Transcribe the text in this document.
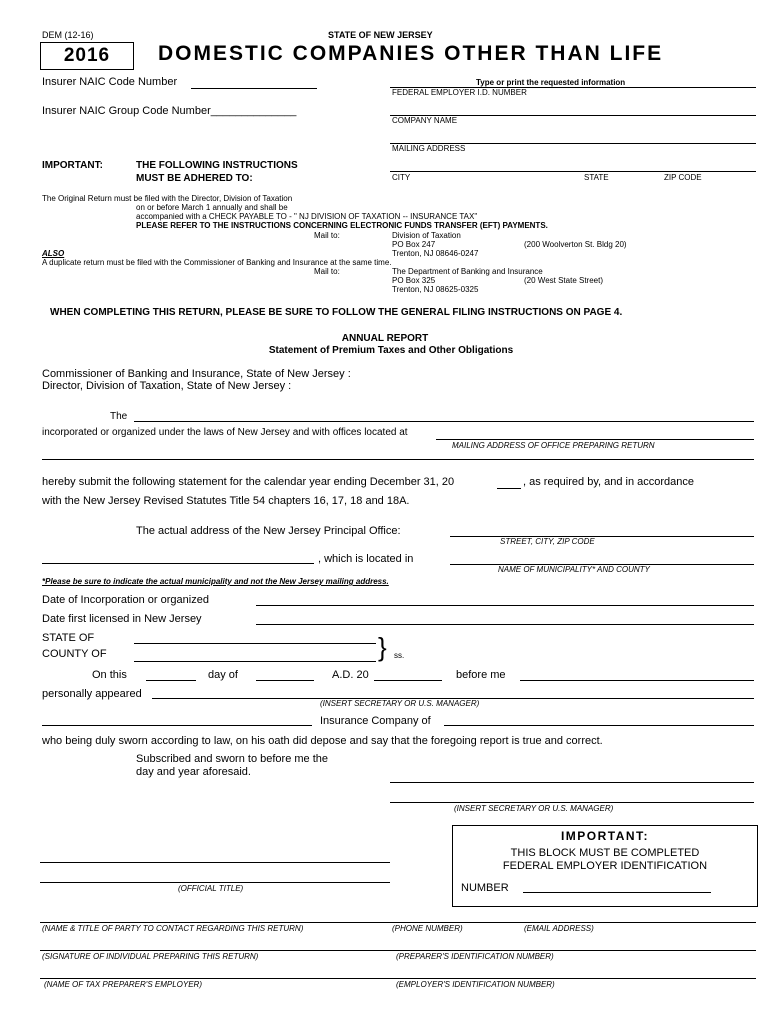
DEM (12-16)	STATE OF NEW JERSEY
2016	DOMESTIC COMPANIES OTHER THAN LIFE
Insurer NAIC Code Number
Insurer NAIC Group Code Number______________
Type or print the requested information
FEDERAL EMPLOYER I.D. NUMBER
COMPANY NAME
MAILING ADDRESS
CITY	STATE	ZIP CODE
IMPORTANT:	THE FOLLOWING INSTRUCTIONS
MUST BE ADHERED TO:
The Original Return must be filed with the Director, Division of Taxation
on or before March 1 annually and shall be
accompanied with a CHECK PAYABLE TO - " NJ DIVISION OF TAXATION -- INSURANCE TAX"
PLEASE REFER TO THE INSTRUCTIONS CONCERNING ELECTRONIC FUNDS TRANSFER (EFT) PAYMENTS.
Mail to:	Division of Taxation
PO Box 247	(200 Woolverton St. Bldg 20)
Trenton, NJ 08646-0247
ALSO
A duplicate return must be filed with the Commissioner of Banking and Insurance at the same time.
Mail to:	The Department of Banking and Insurance
PO Box 325	(20 West State Street)
Trenton, NJ 08625-0325
WHEN COMPLETING THIS RETURN, PLEASE BE SURE TO FOLLOW THE GENERAL FILING INSTRUCTIONS ON PAGE 4.
ANNUAL REPORT
Statement of Premium Taxes and Other Obligations
Commissioner of Banking and Insurance, State of New Jersey :
Director, Division of Taxation, State of New Jersey :
The
incorporated or organized under the laws of New Jersey and with offices located at
MAILING ADDRESS OF OFFICE PREPARING RETURN
hereby submit the following statement for the calendar year ending December 31, 20	, as required by, and in accordance
with the New Jersey Revised Statutes Title 54 chapters 16, 17, 18 and 18A.
The actual address of the New Jersey Principal Office:
STREET, CITY, ZIP CODE
, which is located in
NAME OF MUNICIPALITY* AND COUNTY
*Please be sure to indicate the actual municipality and not the New Jersey mailing address.
Date of Incorporation or organized
Date first licensed in New Jersey
STATE OF
COUNTY OF	} ss.
On this	day of	A.D. 20	before me
personally appeared
(INSERT SECRETARY OR U.S. MANAGER)
Insurance Company of
who being duly sworn according to law, on his oath did depose and say that the foregoing report is true and correct.
Subscribed and sworn to before me the
day and year aforesaid.
(INSERT SECRETARY OR U.S. MANAGER)
IMPORTANT:
THIS BLOCK MUST BE COMPLETED
FEDERAL EMPLOYER IDENTIFICATION
NUMBER
(OFFICIAL TITLE)
(NAME & TITLE OF PARTY TO CONTACT REGARDING THIS RETURN)	(PHONE NUMBER)	(EMAIL ADDRESS)
(SIGNATURE OF INDIVIDUAL PREPARING THIS RETURN)	(PREPARER'S IDENTIFICATION NUMBER)
(NAME OF TAX PREPARER'S EMPLOYER)	(EMPLOYER'S IDENTIFICATION NUMBER)
